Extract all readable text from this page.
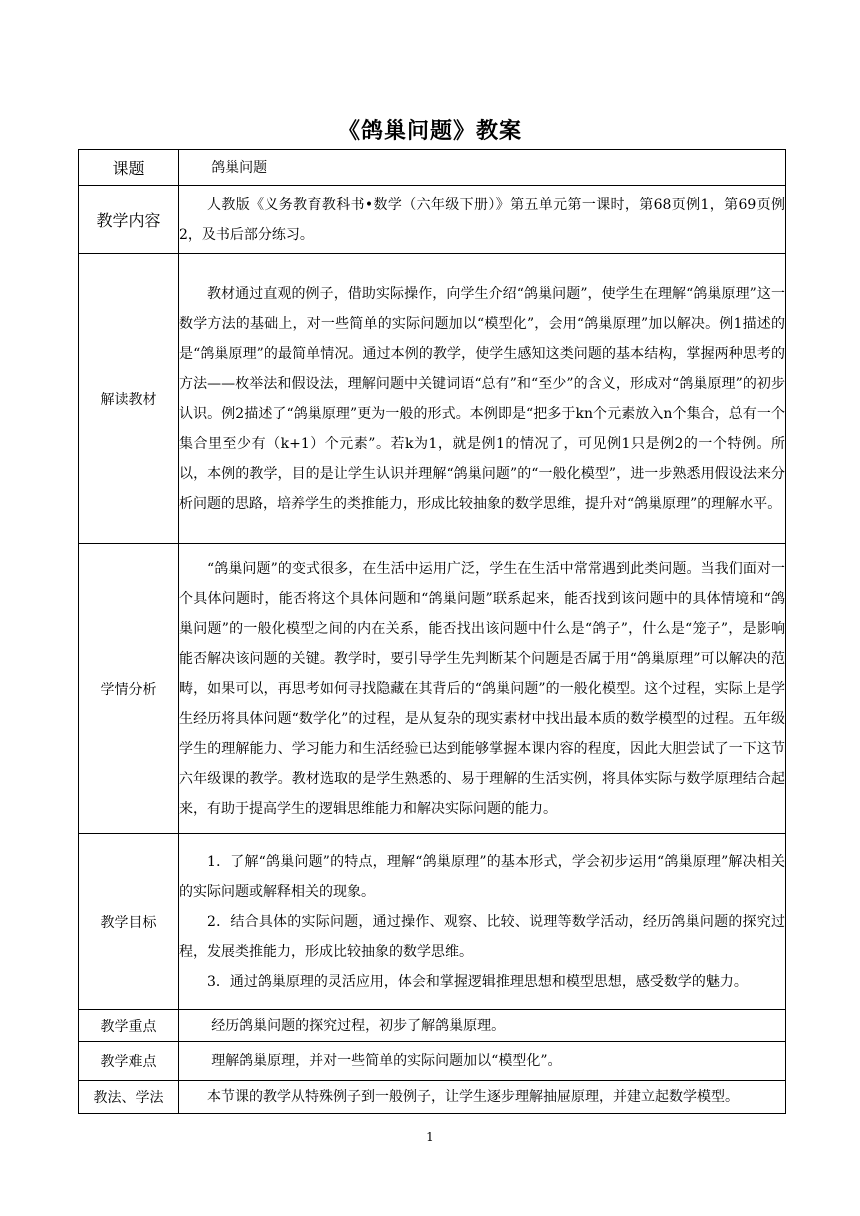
《鸽巢问题》教案
课题	鸽巢问题

教学内容	人教版《义务教育教科书•数学（六年级下册）》第五单元第一课时，第68页例1，第69页例2，及书后部分练习。

解读教材	教材通过直观的例子，借助实际操作，向学生介绍“鸽巢问题”，使学生在理解“鸽巢原理”这一数学方法的基础上，对一些简单的实际问题加以“模型化”，会用“鸽巢原理”加以解决。例1描述的是“鸽巢原理”的最简单情况。通过本例的教学，使学生感知这类问题的基本结构，掌握两种思考的方法——枚举法和假设法，理解问题中关键词语“总有”和“至少”的含义，形成对“鸽巢原理”的初步认识。例2描述了“鸽巢原理”更为一般的形式。本例即是“把多于kn个元素放入n个集合，总有一个集合里至少有（k+1）个元素”。若k为1，就是例1的情况了，可见例1只是例2的一个特例。所以，本例的教学，目的是让学生认识并理解“鸽巢问题”的“一般化模型”，进一步熟悉用假设法来分析问题的思路，培养学生的类推能力，形成比较抽象的数学思维，提升对“鸽巢原理”的理解水平。

学情分析	“鸽巢问题”的变式很多，在生活中运用广泛，学生在生活中常常遇到此类问题。当我们面对一个具体问题时，能否将这个具体问题和“鸽巢问题”联系起来，能否找到该问题中的具体情境和“鸽巢问题”的一般化模型之间的内在关系，能否找出该问题中什么是“鸽子”，什么是“笼子”，是影响能否解决该问题的关键。教学时，要引导学生先判断某个问题是否属于用“鸽巢原理”可以解决的范畴，如果可以，再思考如何寻找隐藏在其背后的“鸽巢问题”的一般化模型。这个过程，实际上是学生经历将具体问题“数学化”的过程，是从复杂的现实素材中找出最本质的数学模型的过程。五年级学生的理解能力、学习能力和生活经验已达到能够掌握本课内容的程度，因此大胆尝试了一下这节六年级课的教学。教材选取的是学生熟悉的、易于理解的生活实例，将具体实际与数学原理结合起来，有助于提高学生的逻辑思维能力和解决实际问题的能力。

教学目标	1．了解“鸽巢问题”的特点，理解“鸽巢原理”的基本形式，学会初步运用“鸽巢原理”解决相关的实际问题或解释相关的现象。

2．结合具体的实际问题，通过操作、观察、比较、说理等数学活动，经历鸽巢问题的探究过程，发展类推能力，形成比较抽象的数学思维。

3．通过鸽巢原理的灵活应用，体会和掌握逻辑推理思想和模型思想，感受数学的魅力。

教学重点	经历鸽巢问题的探究过程，初步了解鸽巢原理。

教学难点	理解鸽巢原理，并对一些简单的实际问题加以“模型化”。

教法、学法	本节课的教学从特殊例子到一般例子，让学生逐步理解抽屉原理，并建立起数学模型。

1
